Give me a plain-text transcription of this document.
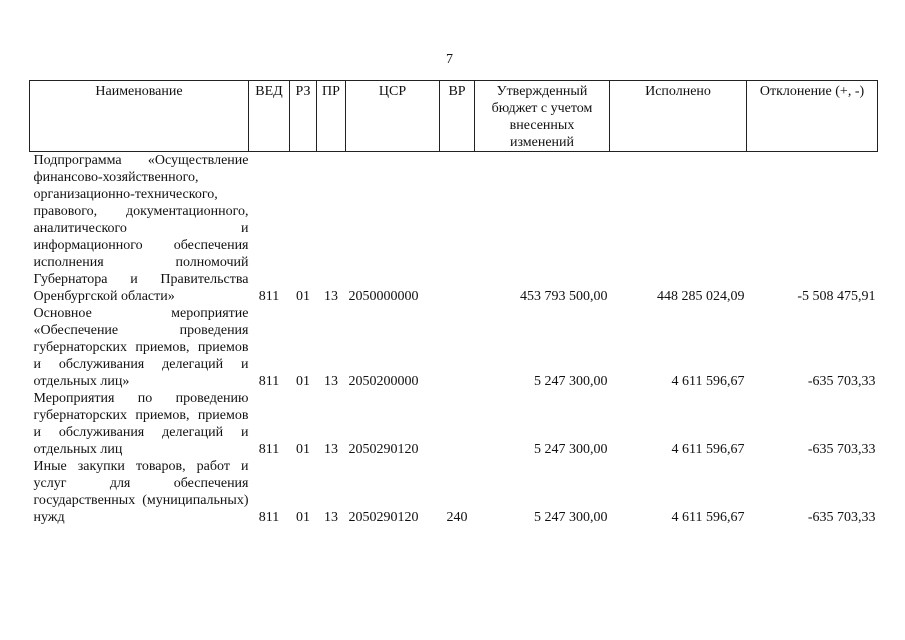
7
Наименование	ВЕД	РЗ	ПР	ЦСР	ВР	Утвержденный бюджет с учетом внесенных изменений	Исполнено	Отклонение (+, -)
Подпрограмма «Осуществление финансово-хозяйственного, организационно-технического, правового, документационного, аналитического и информационного обеспечения исполнения полномочий Губернатора и Правительства Оренбургской области»	811	01	13	2050000000		453 793 500,00	448 285 024,09	-5 508 475,91
Основное мероприятие «Обеспечение проведения губернаторских приемов, приемов и обслуживания делегаций и отдельных лиц»	811	01	13	2050200000		5 247 300,00	4 611 596,67	-635 703,33
Мероприятия по проведению губернаторских приемов, приемов и обслуживания делегаций и отдельных лиц	811	01	13	2050290120		5 247 300,00	4 611 596,67	-635 703,33
Иные закупки товаров, работ и услуг для обеспечения государственных (муниципальных) нужд	811	01	13	2050290120	240	5 247 300,00	4 611 596,67	-635 703,33
